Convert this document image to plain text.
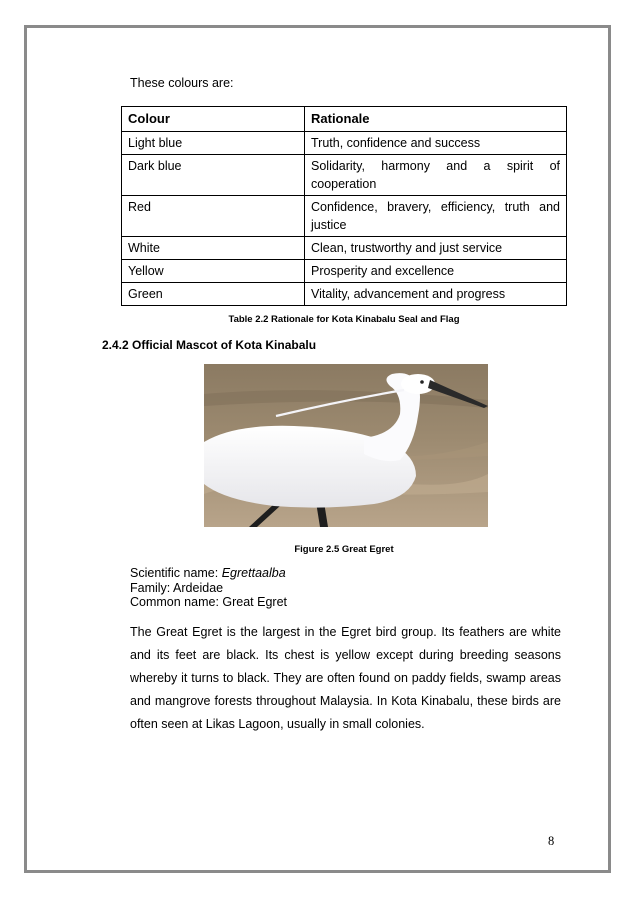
These colours are:
Colour	Rationale
Light blue	Truth, confidence and success
Dark blue	Solidarity, harmony and a spirit of cooperation
Red	Confidence, bravery, efficiency, truth and justice
White	Clean, trustworthy and just service
Yellow	Prosperity and excellence
Green	Vitality, advancement and progress
Table 2.2 Rationale for Kota Kinabalu Seal and Flag
2.4.2 Official Mascot of Kota Kinabalu
Figure 2.5 Great Egret
Scientific name: Egrettaalba
Family: Ardeidae
Common name: Great Egret
The Great Egret is the largest in the Egret bird group. Its feathers are white and its feet are black. Its chest is yellow except during breeding seasons whereby it turns to black. They are often found on paddy fields, swamp areas and mangrove forests throughout Malaysia. In Kota Kinabalu, these birds are often seen at Likas Lagoon, usually in small colonies.
8
